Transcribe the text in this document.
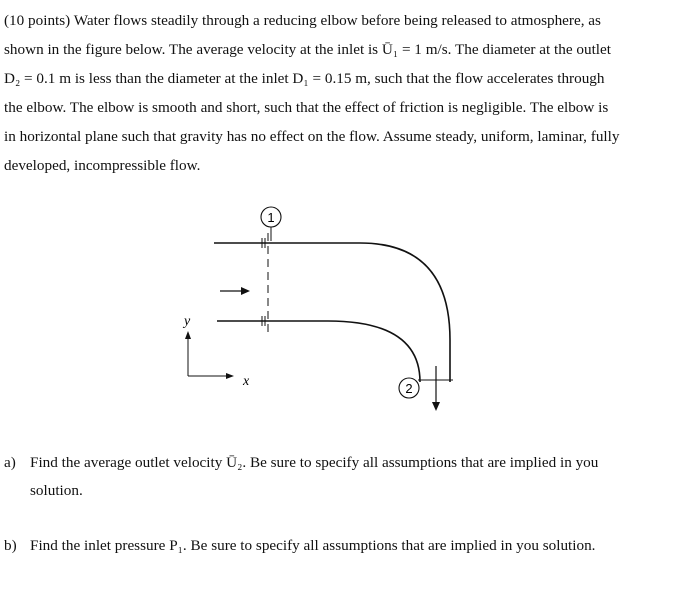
(10 points) Water flows steadily through a reducing elbow before being released to atmosphere, as
shown in the figure below. The average velocity at the inlet is Ū₁ = 1 m/s. The diameter at the outlet
D₂ = 0.1 m is less than the diameter at the inlet D₁ = 0.15 m, such that the flow accelerates through
the elbow. The elbow is smooth and short, such that the effect of friction is negligible. The elbow is
in horizontal plane such that gravity has no effect on the flow. Assume steady, uniform, laminar, fully
developed, incompressible flow.
1
2
y
x
a) Find the average outlet velocity Ū₂. Be sure to specify all assumptions that are implied in you
solution.
b) Find the inlet pressure P₁. Be sure to specify all assumptions that are implied in you solution.
